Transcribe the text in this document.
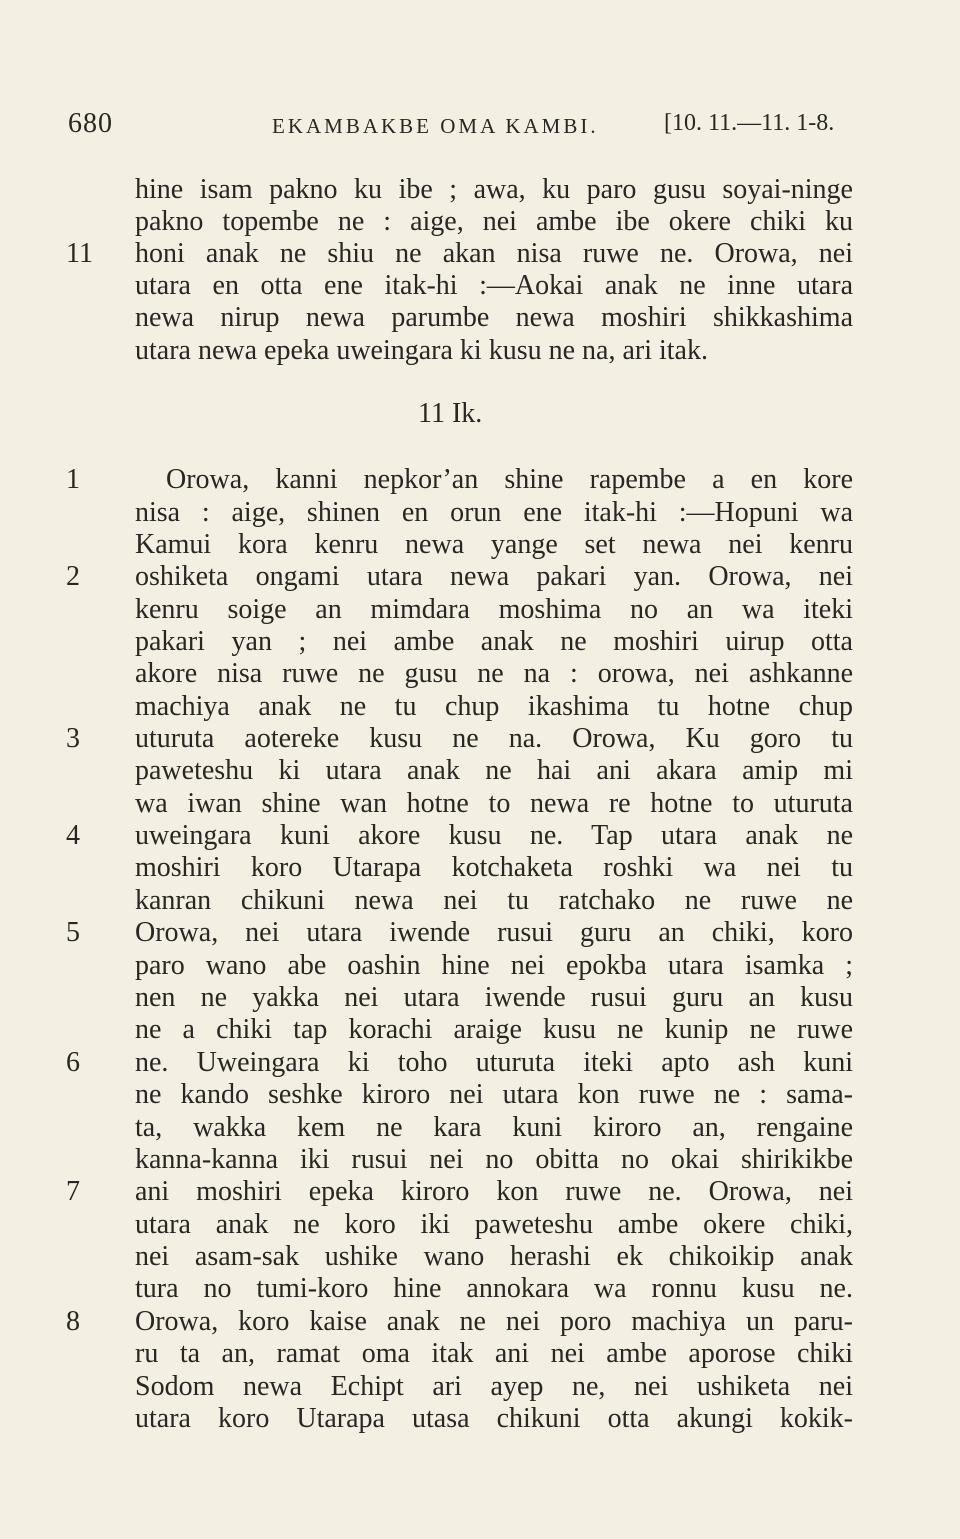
680	EKAMBAKBE OMA KAMBI.	[10. 11.—11. 1-8.
hine isam pakno ku ibe ; awa, ku paro gusu soyai-ninge
pakno topembe ne : aige, nei ambe ibe okere chiki ku
11 honi anak ne shiu ne akan nisa ruwe ne. Orowa, nei
utara en otta ene itak-hi :—Aokai anak ne inne utara
newa nirup newa parumbe newa moshiri shikkashima
utara newa epeka uweingara ki kusu ne na, ari itak.
11 Ik.
1	Orowa, kanni nepkor’an shine rapembe a en kore
nisa : aige, shinen en orun ene itak-hi :—Hopuni wa
Kamui kora kenru newa yange set newa nei kenru
2 oshiketa ongami utara newa pakari yan. Orowa, nei
kenru soige an mimdara moshima no an wa iteki
pakari yan ; nei ambe anak ne moshiri uirup otta
akore nisa ruwe ne gusu ne na : orowa, nei ashkanne
machiya anak ne tu chup ikashima tu hotne chup
3 uturuta aotereke kusu ne na. Orowa, Ku goro tu
paweteshu ki utara anak ne hai ani akara amip mi
wa iwan shine wan hotne to newa re hotne to uturuta
4 uweingara kuni akore kusu ne. Tap utara anak ne
moshiri koro Utarapa kotchaketa roshki wa nei tu
kanran chikuni newa nei tu ratchako ne ruwe ne
5 Orowa, nei utara iwende rusui guru an chiki, koro
paro wano abe oashin hine nei epokba utara isamka ;
nen ne yakka nei utara iwende rusui guru an kusu
ne a chiki tap korachi araige kusu ne kunip ne ruwe
6 ne. Uweingara ki toho uturuta iteki apto ash kuni
ne kando seshke kiroro nei utara kon ruwe ne : sama-
ta, wakka kem ne kara kuni kiroro an, rengaine
kanna-kanna iki rusui nei no obitta no okai shirikikbe
7 ani moshiri epeka kiroro kon ruwe ne. Orowa, nei
utara anak ne koro iki paweteshu ambe okere chiki,
nei asam-sak ushike wano herashi ek chikoikip anak
tura no tumi-koro hine annokara wa ronnu kusu ne.
8 Orowa, koro kaise anak ne nei poro machiya un paru-
ru ta an, ramat oma itak ani nei ambe aporose chiki
Sodom newa Echipt ari ayep ne, nei ushiketa nei
utara koro Utarapa utasa chikuni otta akungi kokik-
